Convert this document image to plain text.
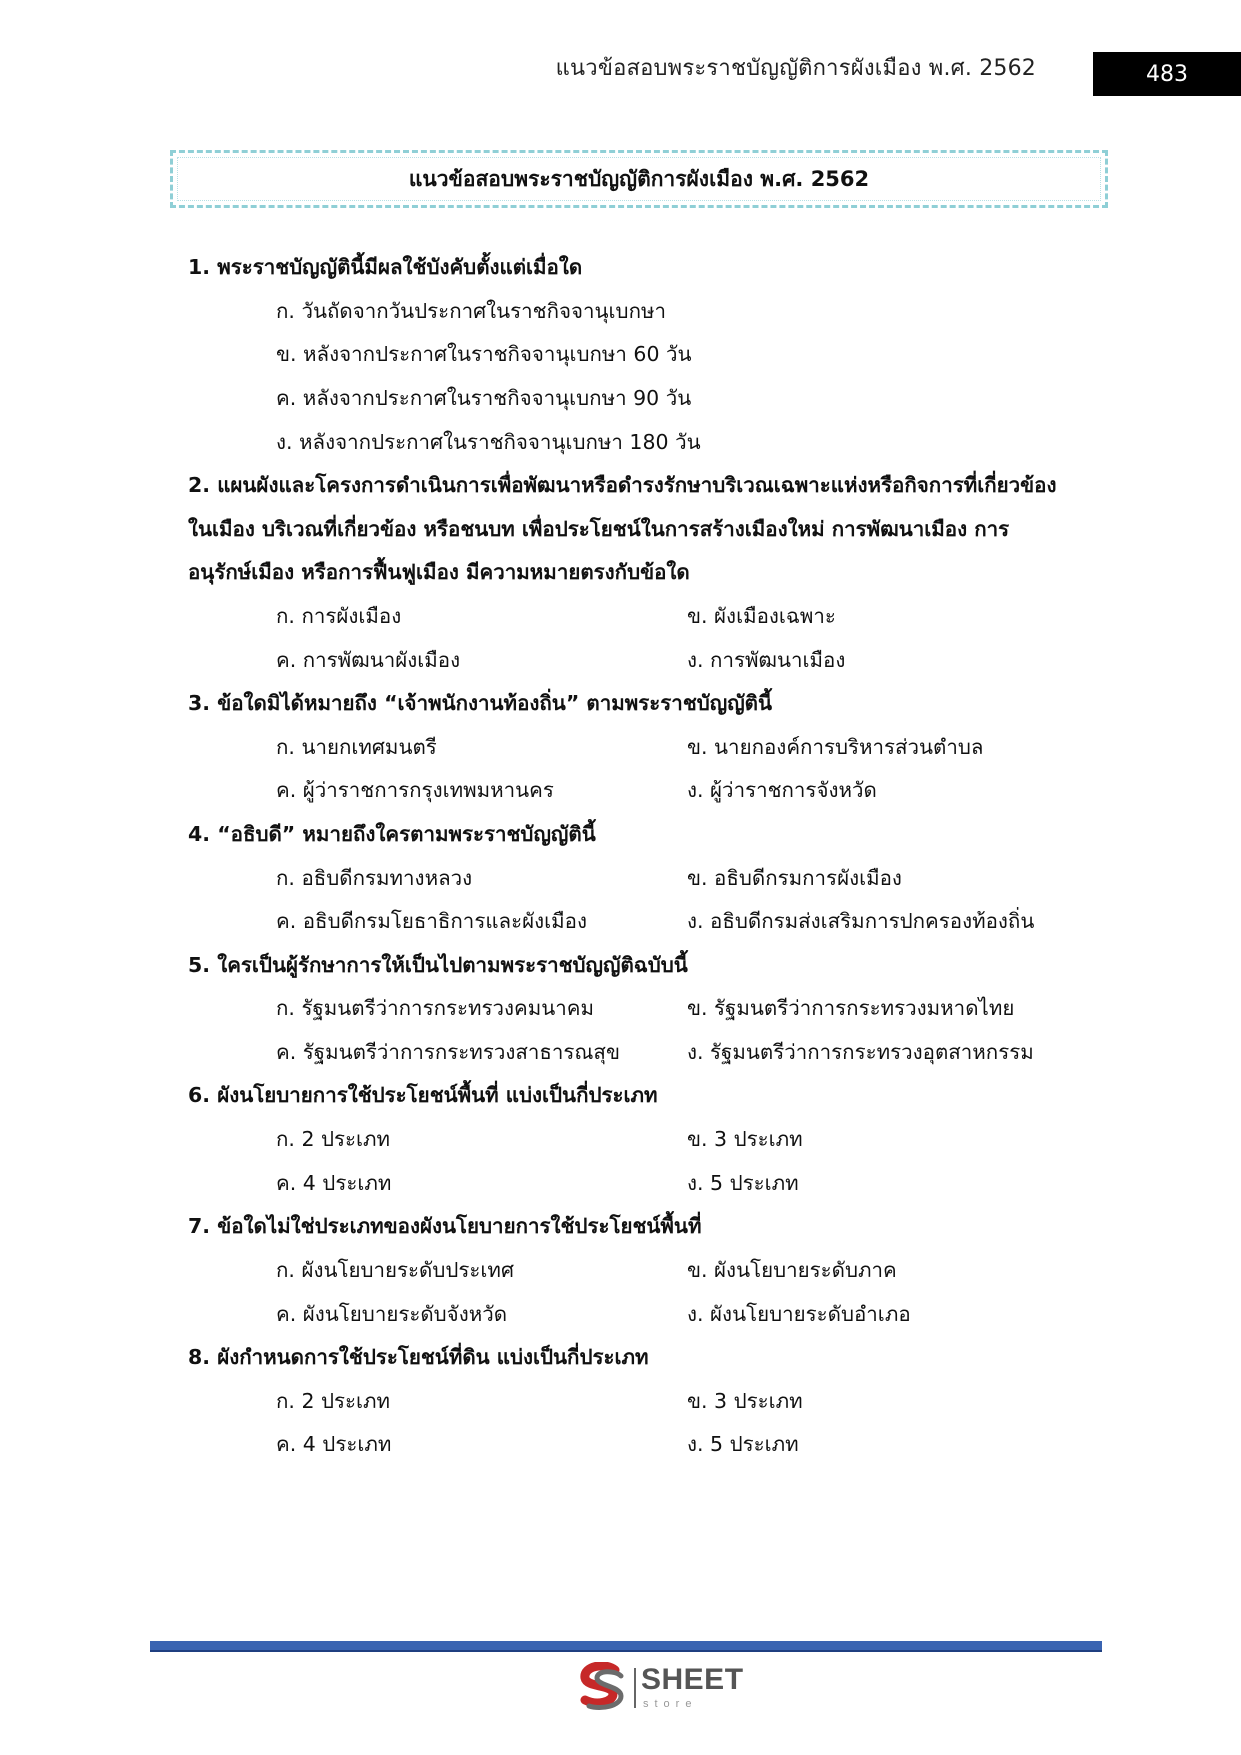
แนวข้อสอบพระราชบัญญัติการผังเมือง พ.ศ. 2562	483
แนวข้อสอบพระราชบัญญัติการผังเมือง พ.ศ. 2562
1. พระราชบัญญัตินี้มีผลใช้บังคับตั้งแต่เมื่อใด
ก. วันถัดจากวันประกาศในราชกิจจานุเบกษา
ข. หลังจากประกาศในราชกิจจานุเบกษา 60 วัน
ค. หลังจากประกาศในราชกิจจานุเบกษา 90 วัน
ง. หลังจากประกาศในราชกิจจานุเบกษา 180 วัน
2. แผนผังและโครงการดำเนินการเพื่อพัฒนาหรือดำรงรักษาบริเวณเฉพาะแห่งหรือกิจการที่เกี่ยวข้อง
ในเมือง บริเวณที่เกี่ยวข้อง หรือชนบท เพื่อประโยชน์ในการสร้างเมืองใหม่ การพัฒนาเมือง การ
อนุรักษ์เมือง หรือการฟื้นฟูเมือง มีความหมายตรงกับข้อใด
ก. การผังเมือง	ข. ผังเมืองเฉพาะ
ค. การพัฒนาผังเมือง	ง. การพัฒนาเมือง
3. ข้อใดมิได้หมายถึง “เจ้าพนักงานท้องถิ่น” ตามพระราชบัญญัตินี้
ก. นายกเทศมนตรี	ข. นายกองค์การบริหารส่วนตำบล
ค. ผู้ว่าราชการกรุงเทพมหานคร	ง. ผู้ว่าราชการจังหวัด
4. “อธิบดี” หมายถึงใครตามพระราชบัญญัตินี้
ก. อธิบดีกรมทางหลวง	ข. อธิบดีกรมการผังเมือง
ค. อธิบดีกรมโยธาธิการและผังเมือง	ง. อธิบดีกรมส่งเสริมการปกครองท้องถิ่น
5. ใครเป็นผู้รักษาการให้เป็นไปตามพระราชบัญญัติฉบับนี้
ก. รัฐมนตรีว่าการกระทรวงคมนาคม	ข. รัฐมนตรีว่าการกระทรวงมหาดไทย
ค. รัฐมนตรีว่าการกระทรวงสาธารณสุข	ง. รัฐมนตรีว่าการกระทรวงอุตสาหกรรม
6. ผังนโยบายการใช้ประโยชน์พื้นที่ แบ่งเป็นกี่ประเภท
ก. 2 ประเภท	ข. 3 ประเภท
ค. 4 ประเภท	ง. 5 ประเภท
7. ข้อใดไม่ใช่ประเภทของผังนโยบายการใช้ประโยชน์พื้นที่
ก. ผังนโยบายระดับประเทศ	ข. ผังนโยบายระดับภาค
ค. ผังนโยบายระดับจังหวัด	ง. ผังนโยบายระดับอำเภอ
8. ผังกำหนดการใช้ประโยชน์ที่ดิน แบ่งเป็นกี่ประเภท
ก. 2 ประเภท	ข. 3 ประเภท
ค. 4 ประเภท	ง. 5 ประเภท
SHEET
store
